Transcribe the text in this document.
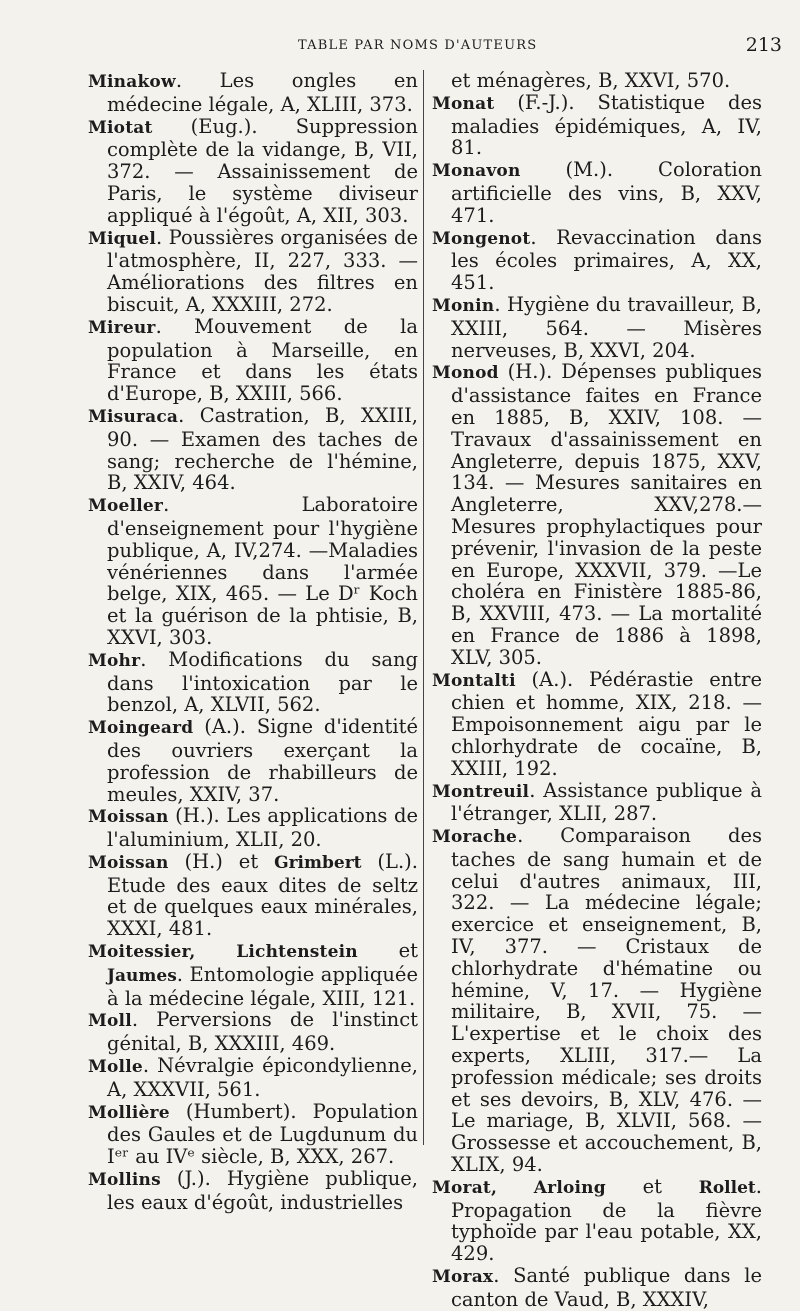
TABLE PAR NOMS D'AUTEURS	213

Minakow. Les ongles en médecine légale, A, XLIII, 373.

Miotat (Eug.). Suppression complète de la vidange, B, VII, 372. — Assainissement de Paris, le système diviseur appliqué à l'égoût, A, XII, 303.

Miquel. Poussières organisées de l'atmosphère, II, 227, 333. — Améliorations des filtres en biscuit, A, XXXIII, 272.

Mireur. Mouvement de la population à Marseille, en France et dans les états d'Europe, B, XXIII, 566.

Misuraca. Castration, B, XXIII, 90. — Examen des taches de sang; recherche de l'hémine, B, XXIV, 464.

Moeller. Laboratoire d'enseignement pour l'hygiène publique, A, IV,274. —Maladies vénériennes dans l'armée belge, XIX, 465. — Le Dʳ Koch et la guérison de la phtisie, B, XXVI, 303.

Mohr. Modifications du sang dans l'intoxication par le benzol, A, XLVII, 562.

Moingeard (A.). Signe d'identité des ouvriers exerçant la profession de rhabilleurs de meules, XXIV, 37.

Moissan (H.). Les applications de l'aluminium, XLII, 20.

Moissan (H.) et Grimbert (L.). Etude des eaux dites de seltz et de quelques eaux minérales, XXXI, 481.

Moitessier, Lichtenstein et Jaumes. Entomologie appliquée à la médecine légale, XIII, 121.

Moll. Perversions de l'instinct génital, B, XXXIII, 469.

Molle. Névralgie épicondylienne, A, XXXVII, 561.

Mollière (Humbert). Population des Gaules et de Lugdunum du Iᵉʳ au IVᵉ siècle, B, XXX, 267.

Mollins (J.). Hygiène publique, les eaux d'égoût, industrielles

et ménagères, B, XXVI, 570.

Monat (F.-J.). Statistique des maladies épidémiques, A, IV, 81.

Monavon (M.). Coloration artificielle des vins, B, XXV, 471.

Mongenot. Revaccination dans les écoles primaires, A, XX, 451.

Monin. Hygiène du travailleur, B, XXIII, 564. — Misères nerveuses, B, XXVI, 204.

Monod (H.). Dépenses publiques d'assistance faites en France en 1885, B, XXIV, 108. — Travaux d'assainissement en Angleterre, depuis 1875, XXV, 134. — Mesures sanitaires en Angleterre, XXV,278.— Mesures prophylactiques pour prévenir, l'invasion de la peste en Europe, XXXVII, 379. —Le choléra en Finistère 1885-86, B, XXVIII, 473. — La mortalité en France de 1886 à 1898, XLV, 305.

Montalti (A.). Pédérastie entre chien et homme, XIX, 218. — Empoisonnement aigu par le chlorhydrate de cocaïne, B, XXIII, 192.

Montreuil. Assistance publique à l'étranger, XLII, 287.

Morache. Comparaison des taches de sang humain et de celui d'autres animaux, III, 322. — La médecine légale; exercice et enseignement, B, IV, 377. — Cristaux de chlorhydrate d'hématine ou hémine, V, 17. — Hygiène militaire, B, XVII, 75. — L'expertise et le choix des experts, XLIII, 317.— La profession médicale; ses droits et ses devoirs, B, XLV, 476. — Le mariage, B, XLVII, 568. — Grossesse et accouchement, B, XLIX, 94.

Morat, Arloing et Rollet. Propagation de la fièvre typhoïde par l'eau potable, XX, 429.

Morax. Santé publique dans le canton de Vaud, B, XXXIV,
